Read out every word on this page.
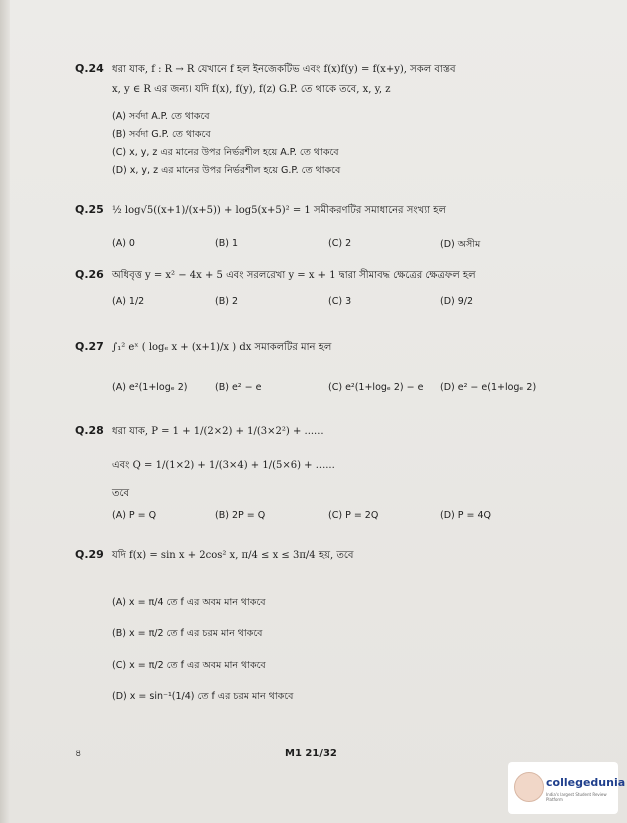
Q.24 ধরা যাক, f : R → R যেখানে f হল ইনজেকটিভ এবং f(x)f(y) = f(x+y), সকল বাস্তব
x, y ∈ R এর জন্য। যদি f(x), f(y), f(z) G.P. তে থাকে তবে, x, y, z
(A) সর্বদা A.P. তে থাকবে
(B) সর্বদা G.P. তে থাকবে
(C) x, y, z এর মানের উপর নির্ভরশীল হয়ে A.P. তে থাকবে
(D) x, y, z এর মানের উপর নির্ভরশীল হয়ে G.P. তে থাকবে
Q.25 ½ log√5((x+1)/(x+5)) + log5(x+5)² = 1 সমীকরণটির সমাধানের সংখ্যা হল
(A) 0	(B) 1	(C) 2	(D) অসীম
Q.26 অধিবৃত্ত y = x² − 4x + 5 এবং সরলরেখা y = x + 1 দ্বারা সীমাবদ্ধ ক্ষেত্রের ক্ষেত্রফল হল
(A) 1/2	(B) 2	(C) 3	(D) 9/2
Q.27 ∫₁² eˣ ( logₑ x + (x+1)/x ) dx সমাকলটির মান হল
(A) e²(1+logₑ 2)	(B) e² − e	(C) e²(1+logₑ 2) − e (D) e² − e(1+logₑ 2)
Q.28 ধরা যাক, P = 1 + 1/(2×2) + 1/(3×2²) + ......
এবং Q = 1/(1×2) + 1/(3×4) + 1/(5×6) + ......
তবে
(A) P = Q	(B) 2P = Q	(C) P = 2Q	(D) P = 4Q
Q.29 যদি f(x) = sin x + 2cos² x, π/4 ≤ x ≤ 3π/4 হয়, তবে
(A) x = π/4 তে f এর অবম মান থাকবে
(B) x = π/2 তে f এর চরম মান থাকবে
(C) x = π/2 তে f এর অবম মান থাকবে
(D) x = sin⁻¹(1/4) তে f এর চরম মান থাকবে
৪	M1 21/32
collegedunia
India's largest Student Review Platform
